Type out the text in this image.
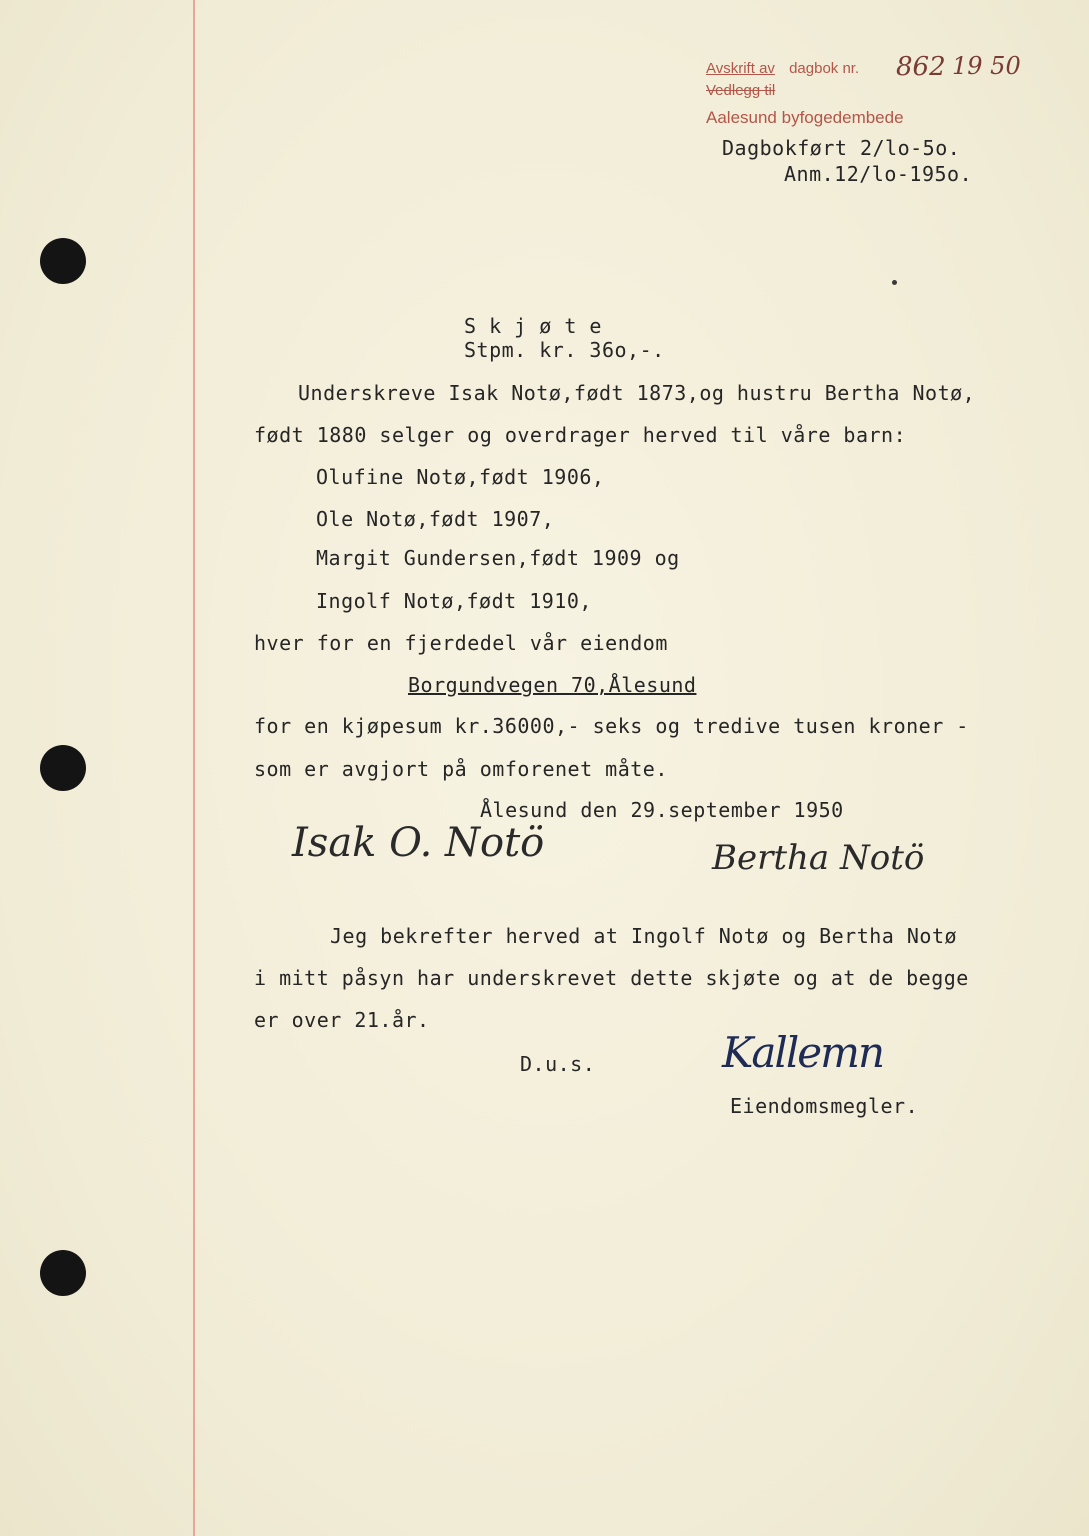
Avskrift av dagbok nr. 862 19 50
Vedlegg til
Aalesund byfogedembede
Dagbokført 2/lo-5o.
Anm.12/lo-195o.
S k j ø t e
Stpm. kr. 36o,-.
Underskreve Isak Notø,født 1873,og hustru Bertha Notø,
født 1880 selger og overdrager herved til våre barn:
Olufine Notø,født 1906,
Ole Notø,født 1907,
Margit Gundersen,født 1909 og
Ingolf Notø,født 1910,
hver for en fjerdedel vår eiendom
Borgundvegen 70,Ålesund
for en kjøpesum kr.36000,- seks og tredive tusen kroner -
som er avgjort på omforenet måte.
Ålesund den 29.september 1950
Isak O. Notö	Bertha Notö
Jeg bekrefter herved at Ingolf Notø og Bertha Notø
i mitt påsyn har underskrevet dette skjøte og at de begge
er over 21.år.
D.u.s.	Kallemn
Eiendomsmegler.
